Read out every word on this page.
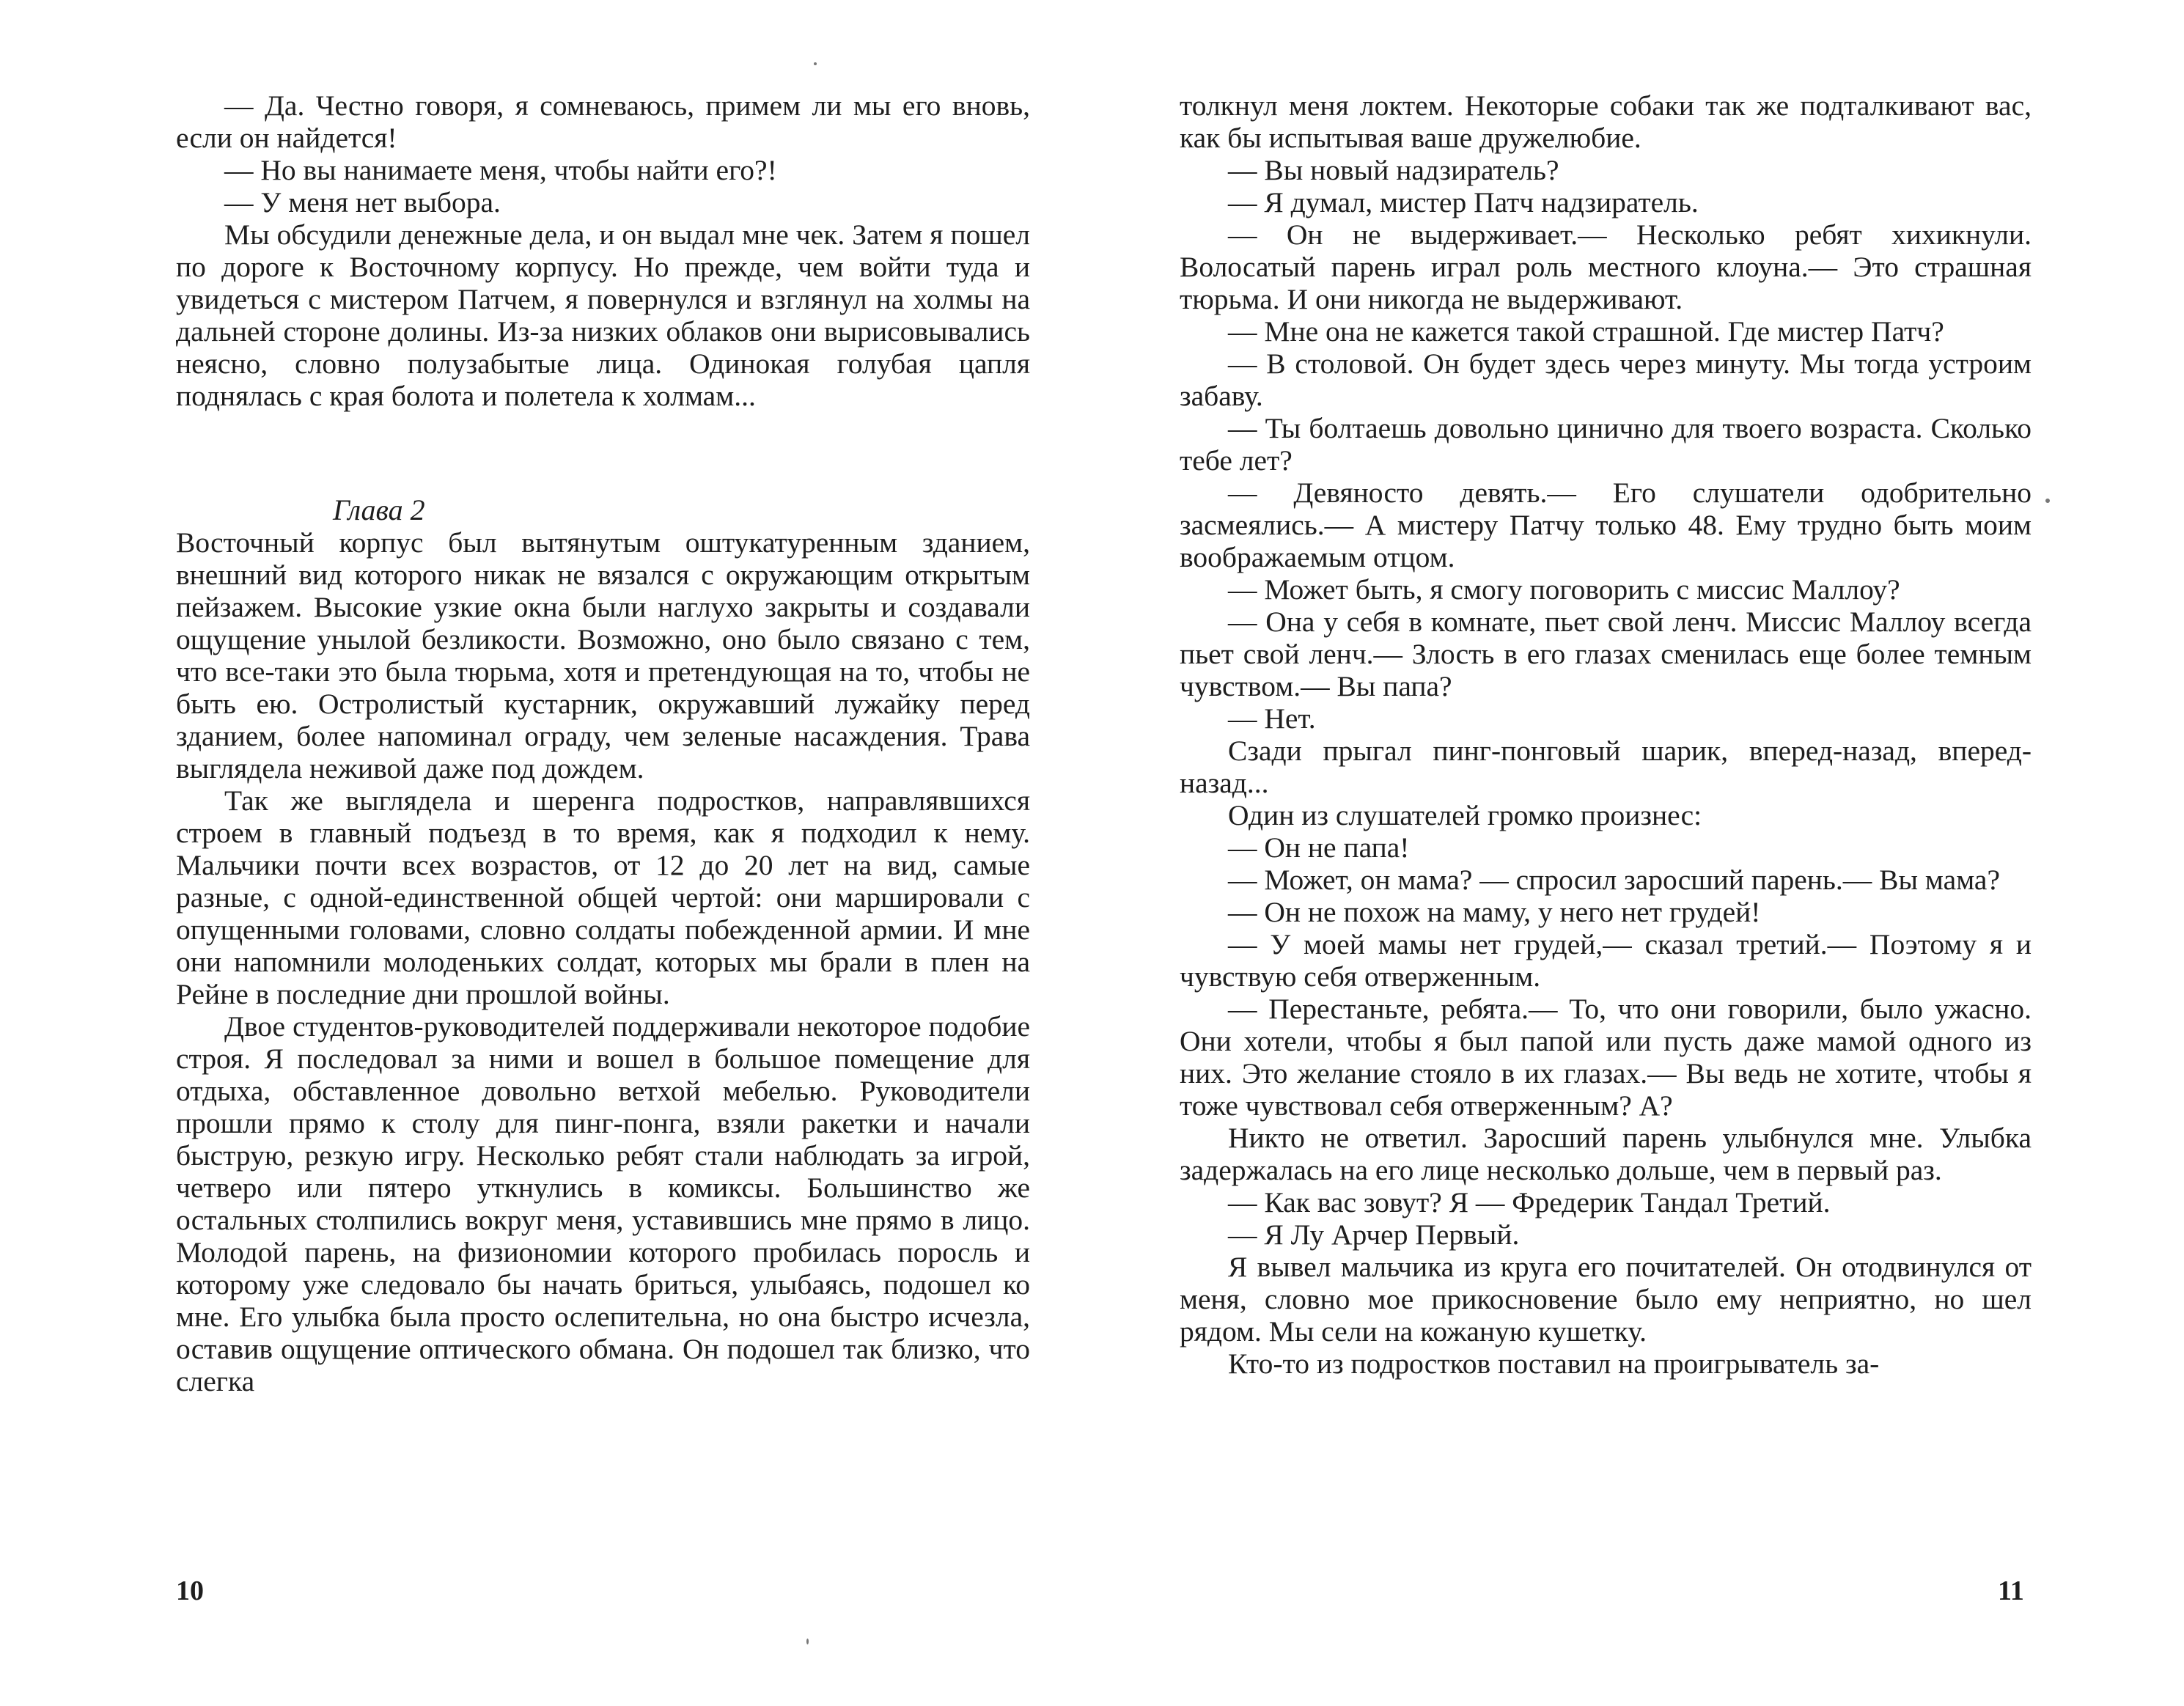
— Да. Честно говоря, я сомневаюсь, примем ли мы его вновь, если он найдется!

— Но вы нанимаете меня, чтобы найти его?!

— У меня нет выбора.

Мы обсудили денежные дела, и он выдал мне чек. Затем я пошел по дороге к Восточному корпусу. Но прежде, чем войти туда и увидеться с мистером Патчем, я повернулся и взглянул на холмы на дальней стороне долины. Из-за низких облаков они вырисовывались неясно, словно полузабытые лица. Одинокая голубая цапля поднялась с края болота и полетела к холмам...

Глава 2

Восточный корпус был вытянутым оштукатуренным зданием, внешний вид которого никак не вязался с окружающим открытым пейзажем. Высокие узкие окна были наглухо закрыты и создавали ощущение унылой безликости. Возможно, оно было связано с тем, что все-таки это была тюрьма, хотя и претендующая на то, чтобы не быть ею. Остролистый кустарник, окружавший лужайку перед зданием, более напоминал ограду, чем зеленые насаждения. Трава выглядела неживой даже под дождем.

Так же выглядела и шеренга подростков, направлявшихся строем в главный подъезд в то время, как я подходил к нему. Мальчики почти всех возрастов, от 12 до 20 лет на вид, самые разные, с одной-единственной общей чертой: они маршировали с опущенными головами, словно солдаты побежденной армии. И мне они напомнили молоденьких солдат, которых мы брали в плен на Рейне в последние дни прошлой войны.

Двое студентов-руководителей поддерживали некоторое подобие строя. Я последовал за ними и вошел в большое помещение для отдыха, обставленное довольно ветхой мебелью. Руководители прошли прямо к столу для пинг-понга, взяли ракетки и начали быструю, резкую игру. Несколько ребят стали наблюдать за игрой, четверо или пятеро уткнулись в комиксы. Большинство же остальных столпились вокруг меня, уставившись мне прямо в лицо. Молодой парень, на физиономии которого пробилась поросль и которому уже следовало бы начать бриться, улыбаясь, подошел ко мне. Его улыбка была просто ослепительна, но она быстро исчезла, оставив ощущение оптического обмана. Он подошел так близко, что слегка

10

толкнул меня локтем. Некоторые собаки так же подталкивают вас, как бы испытывая ваше дружелюбие.

— Вы новый надзиратель?

— Я думал, мистер Патч надзиратель.

— Он не выдерживает.— Несколько ребят хихикнули. Волосатый парень играл роль местного клоуна.— Это страшная тюрьма. И они никогда не выдерживают.

— Мне она не кажется такой страшной. Где мистер Патч?

— В столовой. Он будет здесь через минуту. Мы тогда устроим забаву.

— Ты болтаешь довольно цинично для твоего возраста. Сколько тебе лет?

— Девяносто девять.— Его слушатели одобрительно засмеялись.— А мистеру Патчу только 48. Ему трудно быть моим воображаемым отцом.

— Может быть, я смогу поговорить с миссис Маллоу?

— Она у себя в комнате, пьет свой ленч. Миссис Маллоу всегда пьет свой ленч.— Злость в его глазах сменилась еще более темным чувством.— Вы папа?

— Нет.

Сзади прыгал пинг-понговый шарик, вперед-назад, вперед-назад...

Один из слушателей громко произнес:

— Он не папа!

— Может, он мама? — спросил заросший парень.— Вы мама?

— Он не похож на маму, у него нет грудей!

— У моей мамы нет грудей,— сказал третий.— Поэтому я и чувствую себя отверженным.

— Перестаньте, ребята.— То, что они говорили, было ужасно. Они хотели, чтобы я был папой или пусть даже мамой одного из них. Это желание стояло в их глазах.— Вы ведь не хотите, чтобы я тоже чувствовал себя отверженным? А?

Никто не ответил. Заросший парень улыбнулся мне. Улыбка задержалась на его лице несколько дольше, чем в первый раз.

— Как вас зовут? Я — Фредерик Тандал Третий.

— Я Лу Арчер Первый.

Я вывел мальчика из круга его почитателей. Он отодвинулся от меня, словно мое прикосновение было ему неприятно, но шел рядом. Мы сели на кожаную кушетку.

Кто-то из подростков поставил на проигрыватель за-

11
